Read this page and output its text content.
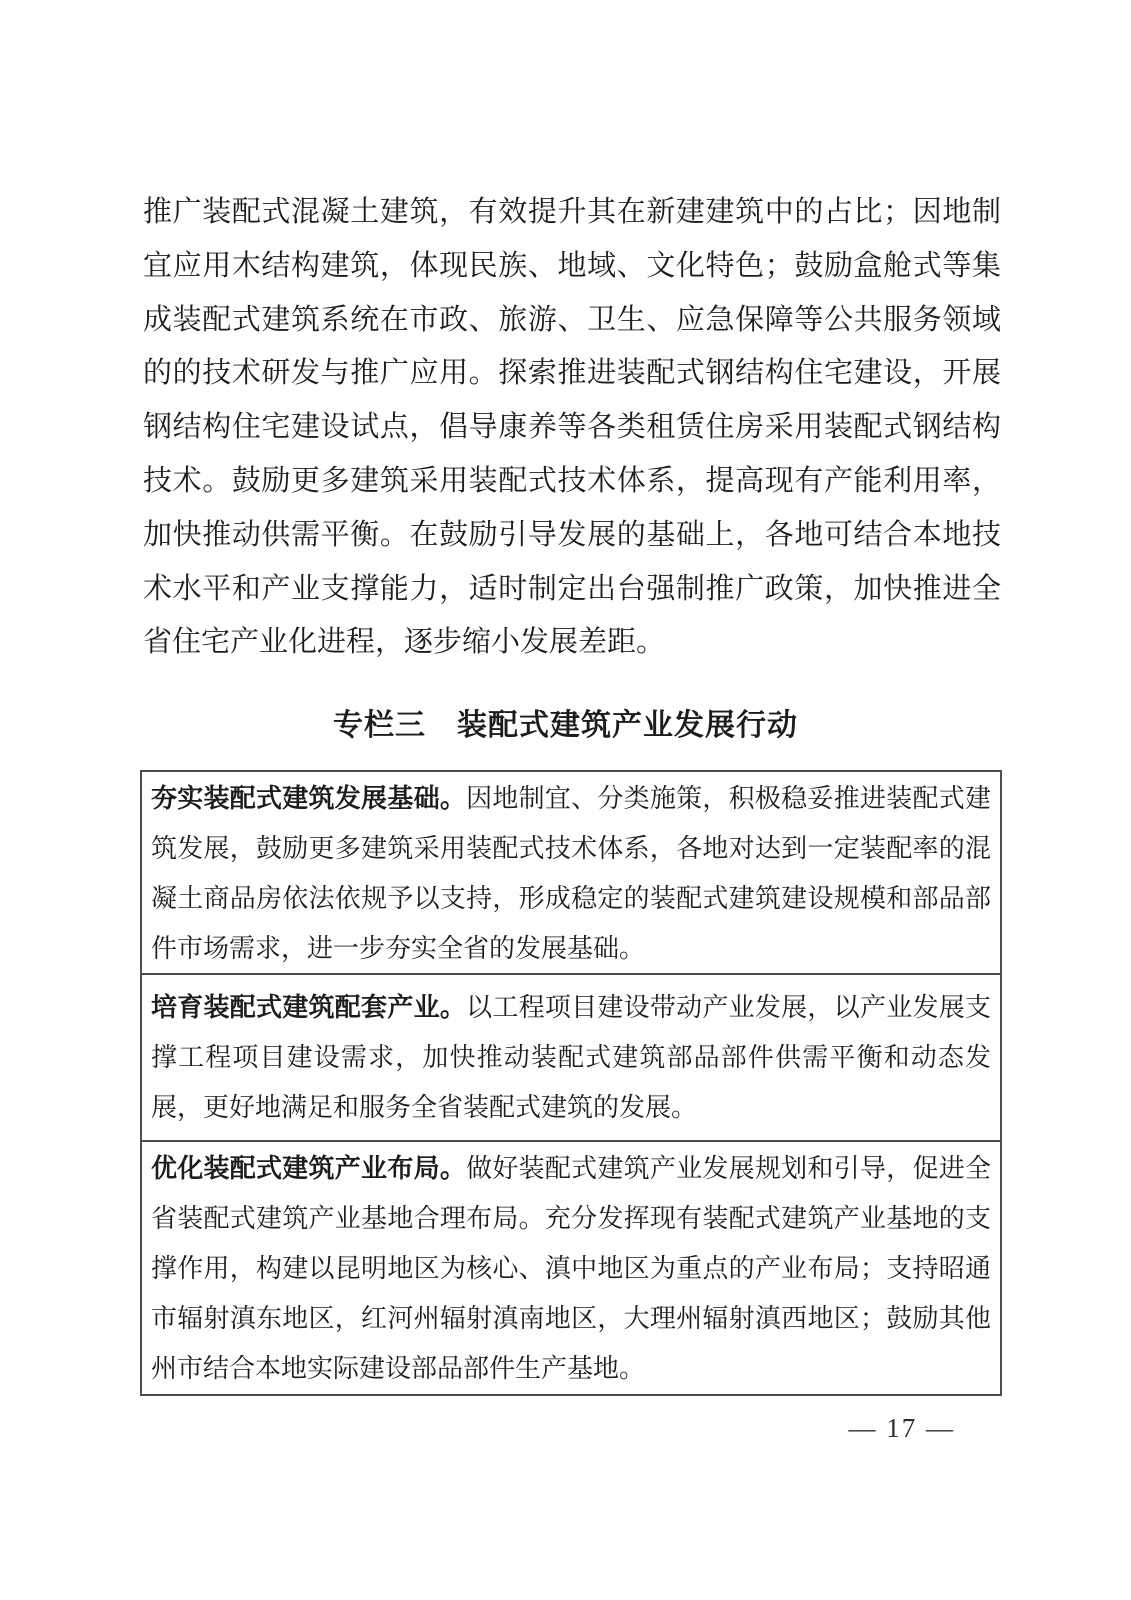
推广装配式混凝土建筑，有效提升其在新建建筑中的占比；因地制
宜应用木结构建筑，体现民族、地域、文化特色；鼓励盒舱式等集
成装配式建筑系统在市政、旅游、卫生、应急保障等公共服务领域
的的技术研发与推广应用。探索推进装配式钢结构住宅建设，开展
钢结构住宅建设试点，倡导康养等各类租赁住房采用装配式钢结构
技术。鼓励更多建筑采用装配式技术体系，提高现有产能利用率，
加快推动供需平衡。在鼓励引导发展的基础上，各地可结合本地技
术水平和产业支撑能力，适时制定出台强制推广政策，加快推进全
省住宅产业化进程，逐步缩小发展差距。
专栏三　装配式建筑产业发展行动
夯实装配式建筑发展基础。因地制宜、分类施策，积极稳妥推进装配式建
筑发展，鼓励更多建筑采用装配式技术体系，各地对达到一定装配率的混
凝土商品房依法依规予以支持，形成稳定的装配式建筑建设规模和部品部
件市场需求，进一步夯实全省的发展基础。
培育装配式建筑配套产业。以工程项目建设带动产业发展，以产业发展支
撑工程项目建设需求，加快推动装配式建筑部品部件供需平衡和动态发
展，更好地满足和服务全省装配式建筑的发展。
优化装配式建筑产业布局。做好装配式建筑产业发展规划和引导，促进全
省装配式建筑产业基地合理布局。充分发挥现有装配式建筑产业基地的支
撑作用，构建以昆明地区为核心、滇中地区为重点的产业布局；支持昭通
市辐射滇东地区，红河州辐射滇南地区，大理州辐射滇西地区；鼓励其他
州市结合本地实际建设部品部件生产基地。
— 17 —
